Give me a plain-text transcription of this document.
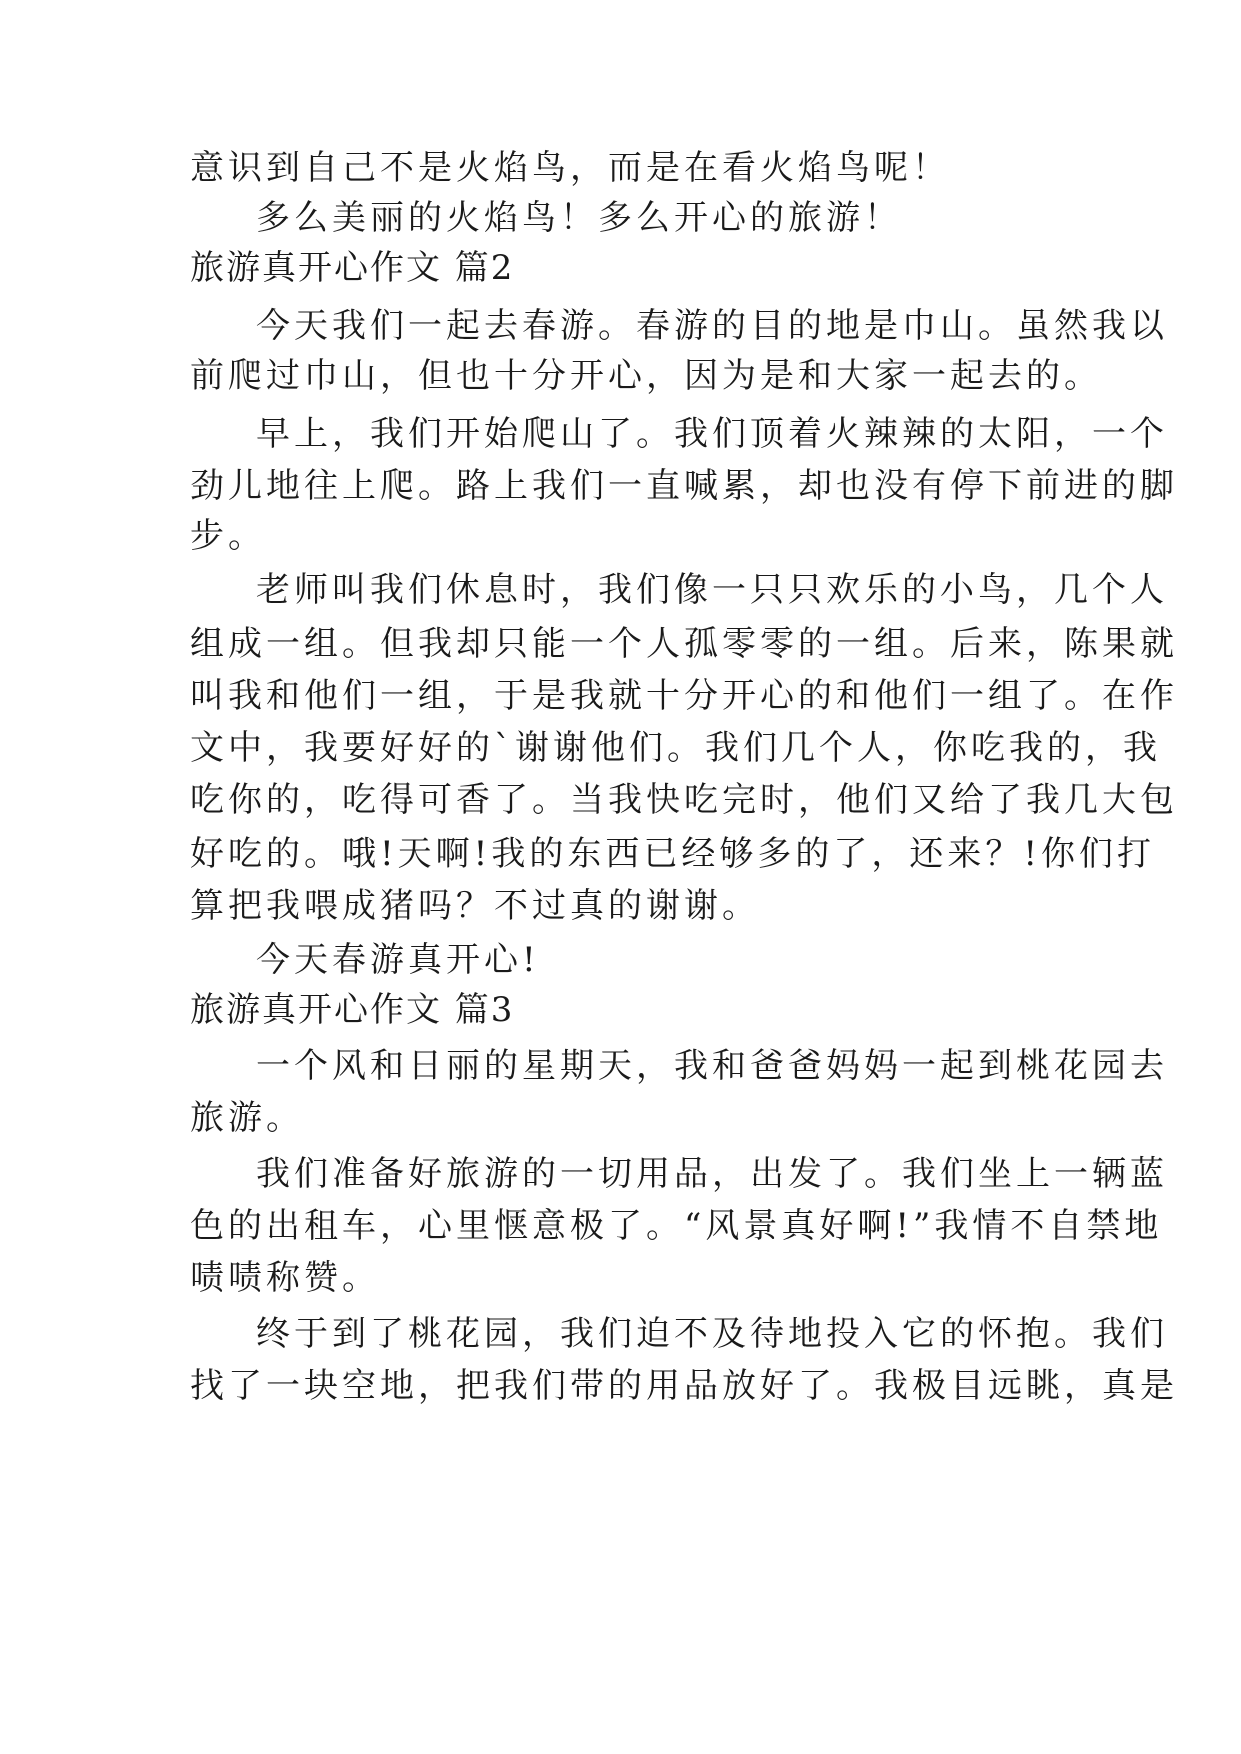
意识到自己不是火焰鸟，而是在看火焰鸟呢！
多么美丽的火焰鸟！多么开心的旅游！
旅游真开心作文 篇2
今天我们一起去春游。春游的目的地是巾山。虽然我以
前爬过巾山，但也十分开心，因为是和大家一起去的。
早上，我们开始爬山了。我们顶着火辣辣的太阳，一个
劲儿地往上爬。路上我们一直喊累，却也没有停下前进的脚
步。
老师叫我们休息时，我们像一只只欢乐的小鸟，几个人
组成一组。但我却只能一个人孤零零的一组。后来，陈果就
叫我和他们一组，于是我就十分开心的和他们一组了。在作
文中，我要好好的`谢谢他们。我们几个人，你吃我的，我
吃你的，吃得可香了。当我快吃完时，他们又给了我几大包
好吃的。哦!天啊!我的东西已经够多的了，还来？!你们打
算把我喂成猪吗？不过真的谢谢。
今天春游真开心!
旅游真开心作文 篇3
一个风和日丽的星期天，我和爸爸妈妈一起到桃花园去
旅游。
我们准备好旅游的一切用品，出发了。我们坐上一辆蓝
色的出租车，心里惬意极了。“风景真好啊!”我情不自禁地
啧啧称赞。
终于到了桃花园，我们迫不及待地投入它的怀抱。我们
找了一块空地，把我们带的用品放好了。我极目远眺，真是
